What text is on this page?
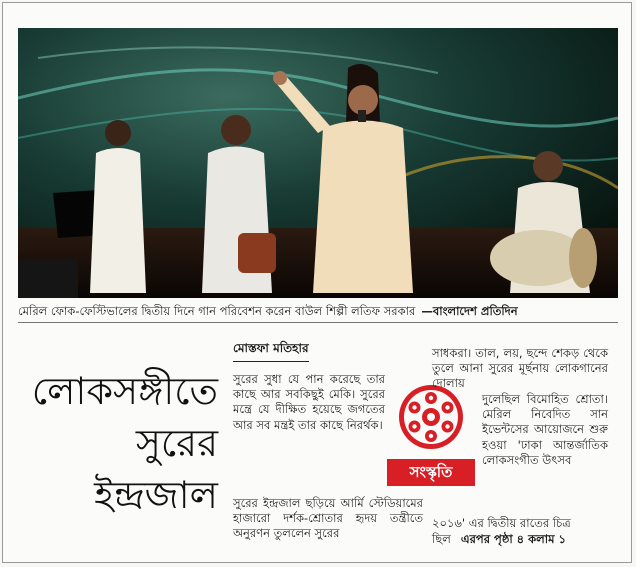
মেরিল ফোক-ফেস্টিভালের দ্বিতীয় দিনে গান পরিবেশন করেন বাউল শিল্পী লতিফ সরকার —বাংলাদেশ প্রতিদিন
লোকসঙ্গীতে
সুরের
ইন্দ্রজাল
মোস্তফা মতিহার

সুরের সুধা যে পান করেছে তার কাছে আর সবকিছুই মেকি। সুরের মন্ত্রে যে দীক্ষিত হয়েছে জগতের আর সব মন্ত্রই তার কাছে নিরর্থক।

সুরের ইন্দ্রজাল ছড়িয়ে আর্মি স্টেডিয়ামের হাজারো দর্শক-শ্রোতার হৃদয় তন্ত্রীতে অনুরণন তুললেন সুরের

সংস্কৃতি

সাধকরা। তাল, লয়, ছন্দে শেকড় থেকে তুলে আনা সুরের মূর্ছনায় লোকগানের দোলায়

দুলেছিল বিমোহিত শ্রোতা। মেরিল নিবেদিত সান ইভেন্টসের আয়োজনে শুরু হওয়া 'ঢাকা আন্তর্জাতিক লোকসংগীত উৎসব

২০১৬' এর দ্বিতীয় রাতের চিত্র

ছিল এরপর পৃষ্ঠা ৪ কলাম ১
